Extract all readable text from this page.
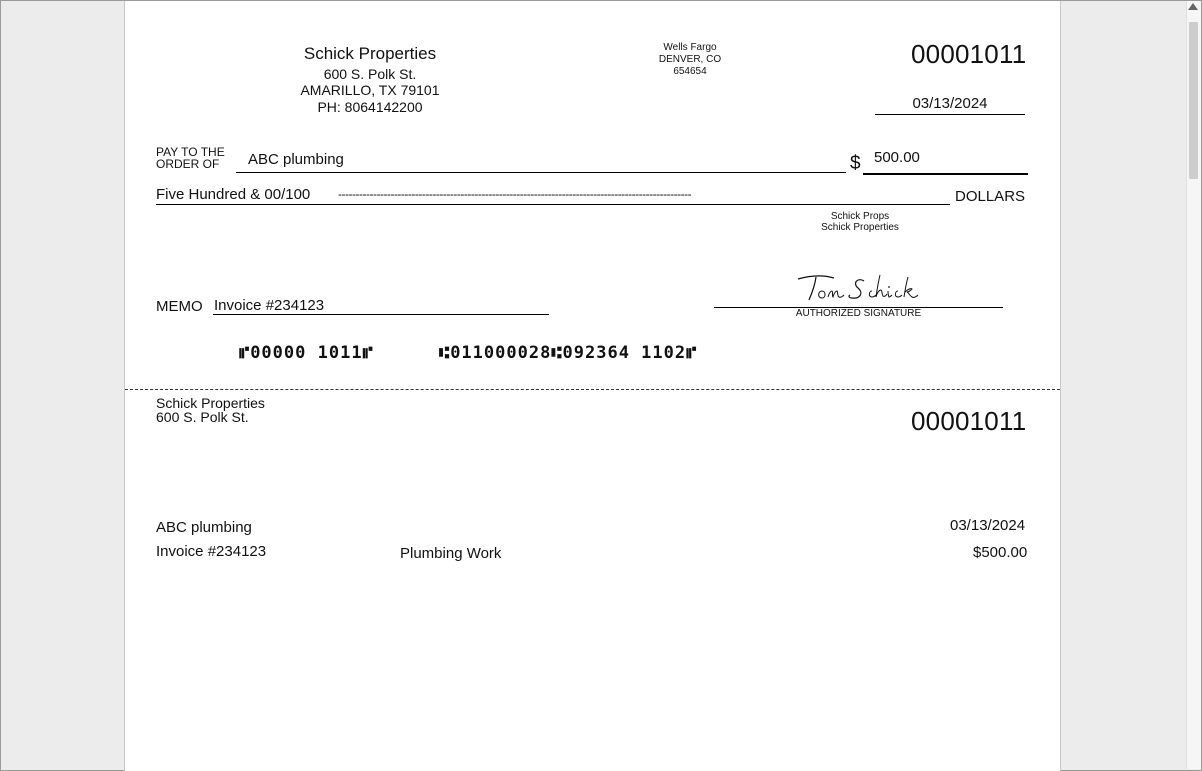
Schick Properties
600 S. Polk St.
AMARILLO, TX 79101
PH: 8064142200
Wells Fargo
DENVER, CO
654654
00001011
03/13/2024
PAY TO THE
ORDER OF	ABC plumbing	$ 500.00
Five Hundred & 00/100 -----------------------------------------------------------------------------------------------------	DOLLARS
Schick Props
Schick Properties
MEMO Invoice #234123	AUTHORIZED SIGNATURE
⑈00000 1011⑈	⑆011000028⑆092364 1102⑈
Schick Properties
600 S. Polk St.	00001011
ABC plumbing	03/13/2024
Invoice #234123	Plumbing Work	$500.00
